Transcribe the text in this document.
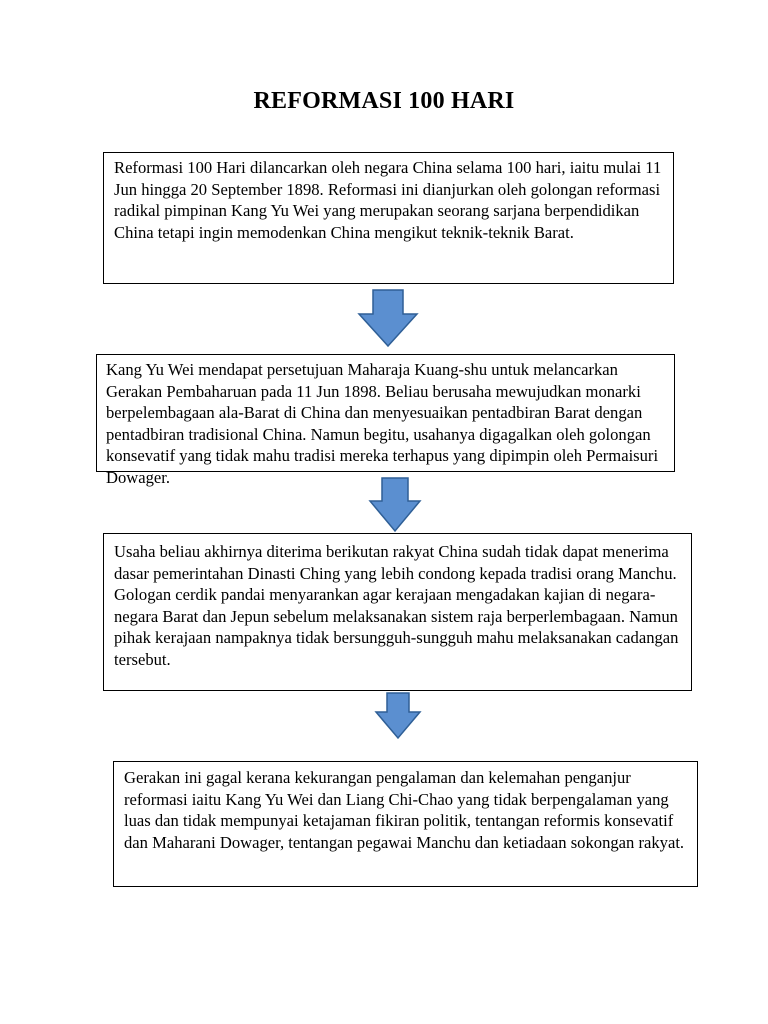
REFORMASI 100 HARI

Reformasi 100 Hari dilancarkan oleh negara China selama 100 hari, iaitu mulai 11 Jun hingga 20 September 1898. Reformasi ini dianjurkan oleh golongan reformasi radikal pimpinan Kang Yu Wei yang merupakan seorang sarjana berpendidikan China tetapi ingin memodenkan China mengikut teknik-teknik Barat.

Kang Yu Wei mendapat persetujuan Maharaja Kuang-shu untuk melancarkan Gerakan Pembaharuan pada 11 Jun 1898. Beliau berusaha mewujudkan monarki berpelembagaan ala-Barat di China dan menyesuaikan pentadbiran Barat dengan pentadbiran tradisional China. Namun begitu, usahanya digagalkan oleh golongan konsevatif yang tidak mahu tradisi mereka terhapus yang dipimpin oleh Permaisuri Dowager.

Usaha beliau akhirnya diterima berikutan rakyat China sudah tidak dapat menerima dasar pemerintahan Dinasti Ching yang lebih condong kepada tradisi orang Manchu. Gologan cerdik pandai menyarankan agar kerajaan mengadakan kajian di negara-negara Barat dan Jepun sebelum melaksanakan sistem raja berperlembagaan. Namun pihak kerajaan nampaknya tidak bersungguh-sungguh mahu melaksanakan cadangan tersebut.

Gerakan ini gagal kerana kekurangan pengalaman dan kelemahan penganjur reformasi iaitu Kang Yu Wei dan Liang Chi-Chao yang tidak berpengalaman yang luas dan tidak mempunyai ketajaman fikiran politik, tentangan reformis konsevatif dan Maharani Dowager, tentangan pegawai Manchu dan ketiadaan sokongan rakyat.
